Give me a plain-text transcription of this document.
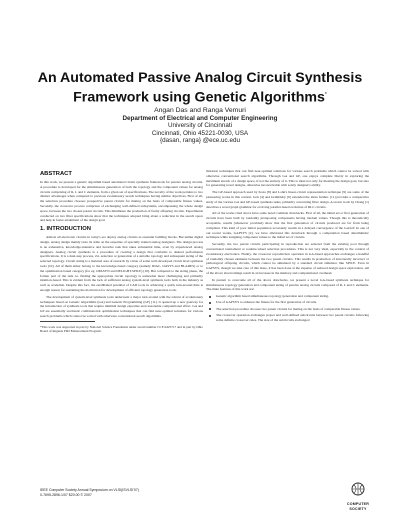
An Automated Passive Analog Circuit Synthesis
Framework using Genetic Algorithms*
Angan Das and Ranga Vemuri
Department of Electrical and Computer Engineering
University of Cincinnati
Cincinnati, Ohio 45221-0030, USA
{dasan, ranga} @ece.uc.edu
ABSTRACT

In this work, we present a genetic algorithm based automated circuit synthesis framework for passive analog circuits. A procedure is developed for the simultaneous generation of both the topology and the component values for analog circuits comprising of R, L and C elements, from a given set of specifications. The novelty of the work pertains to two distinct advantages when compared to previous evolutionary search techniques having similar objectives. First of all, the selection procedure chooses prospective parent circuits for mating on the basis of comparable fitness values. Secondly, the crossover process comprises of exchanging well-defined subsystems, encompassing the whole design space, between the two chosen parent circuits. This minimizes the production of faulty offspring circuits. Experiments conducted on two filter specifications show that the techniques adopted bring about a reduction in the search space and help in faster attainment of the design goal.

1. INTRODUCTION

Almost all electronic circuits in today's era deploy analog circuits as essential building blocks. But unlike digital design, analog design mainly rests its arms on the expertise of specially trained analog designers. The design process is an exhaustive, knowledge-intensive and iterative task that takes substantial time, even by experienced analog designers. Analog circuit synthesis is a procedure of creating a design that conforms to desired performance specifications. It is a dual-step process, viz. selection or generation of a suitable topology and subsequent sizing of the selected topology. Circuit sizing is a matured area of research by virtue of some well-developed circuit level synthesis tools [10]. All of them either belong to the knowledge-based category (namely IDAC, OASYS and BLADES) or to the optimization based category (for eg. OPASYN and DELIGHT.SPICE) [10]. But compared to the sizing phase, the former part of the task i.e. finding the appropriate circuit topology is somewhat more challenging and primarily intuition-based. This is evident from the lack of sufficient analog system-level synthesis tools both in the industry as well as academia. Despite this fact, the established potential of CAD tools in achieving a quick turn-around time is enough reason for sustaining the motivation for development of efficient topology generation tools.

The development of system-level synthesis tools underwent a major turn around with the advent of evolutionary techniques based on Genetic Algorithms (GA) and Genetic Programming (GP) [11]. It opened up a new gateway for the introduction of synthesis tools that require minimal design expertise and reasonable computational effort. GA and GP are essentially stochastic combinatorial optimization techniques that can find near-optimal solutions for various search problems which cannot be solved with otherwise conventional search algorithms.

*This work was supported in part by National Science Foundation under award number CCF-0425717 and in part by Ohio Board of Regents PhD Enhancement Program.

mization techniques that can find near-optimal solutions for various search problems which cannot be solved with otherwise conventional search algorithms. Through GA and GP, one enjoys complete liberty in exploring the maximum stretch of a design space, if not the entirety of it. This is ideal not only for meeting the design goal, but also for generating novel designs, otherwise inconceivable with solely designer's ability.

The GP-based approach used by Koza [8] and Lohn's linear-circuit representation technique [9] are some of the pioneering works in this context. Goh [4] and Grimbleby [6] extended the ideas further. [11] provides a comparative study of the various GA and GP-based synthesis tasks, primarily concerning filter design. A recent work by Chang [1] describes a novel graph grammar for evolving parallel-based evolution of RLC circuits.

All of the works cited above have some noted common drawbacks. First of all, the initial set or first generation of circuits have been built by randomly juxtaposing components having random values. Though this is theoretically acceptable, results (whenever provided) show that the first generation of circuits produced are far from being compliant. This kind of poor initial population accurately results in a delayed convergence of the GA/GP. In one of our recent works, GAPSYS [2], we have alleviated this drawback through a computation based deterministic technique while assigning component values to the initial set of circuits.

Secondly, the two parent circuits participating in reproduction are selected from the existing pool through conventional tournament or roulette-wheel selection procedures. This is not very ideal, especially in the context of evolutionary electronics. Finally, the crossover reproduction operation in GA-based approaches exchanges a handful of randomly chosen elements between the two parent circuits. This results in production of structurally incorrect or pathological offspring circuits, which cannot be simulated by a standard circuit simulator like SPICE. Even in GAPSYS, though we take care of this issue, it has been done at the expense of reduced design space exploration. All of the above shortcomings result in an increase in the memory and computational overhead.

In pursuit to overcome all of the above drawbacks, we present a novel GA-based synthesis technique for simultaneous topology generation and component sizing of passive analog circuits composed of R, L and C elements. The main features of this work are:

Genetic algorithm based simultaneous topology generation and component sizing.
Use of GAPSYS to enhance the fitness for the first generation of circuits.
The selection procedure chooses two parent circuits for mating on the basis of comparable fitness values.
The crossover operation exchanges proper and well-defined subcircuits between two parent circuits following some definite crossover rules. The size of the subcircuits exchanged
IEEE Computer Society Annual Symposium on VLSI(ISVLSI'07)
0-7695-2896-1/07 $20.00 © 2007
COMPUTER
SOCIETY
